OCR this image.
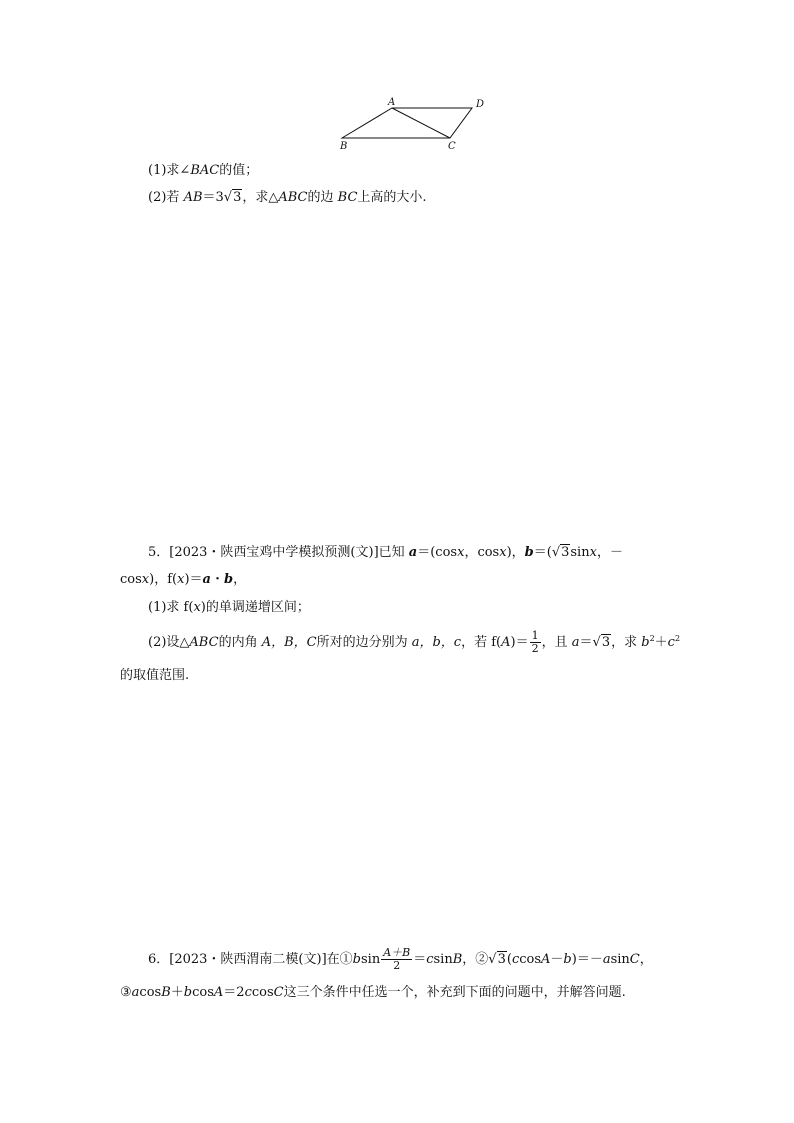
A
B	C
D
(1)求∠BAC的值；
(2)若 AB＝3√3，求△ABC的边 BC上高的大小.
5．[2023・陕西宝鸡中学模拟预测(文)]已知 a＝(cosx，cosx)，b＝(√3sinx，－
cosx)，f(x)＝a・b，
(1)求 f(x)的单调递增区间；
(2)设△ABC的内角 A，B，C所对的边分别为 a，b，c，若 $f(A)= \frac{1}{2}$ ，且 a＝√3，求 $b^2+c^2$
的取值范围.
6．[2023・陕西渭南二模(文)]在①bsin $\frac{A+B}{2} =csinB$，②√3(ccosA－b)＝－asinC，
③acosB＋bcosA＝2ccosC这三个条件中任选一个，补充到下面的问题中，并解答问题.
